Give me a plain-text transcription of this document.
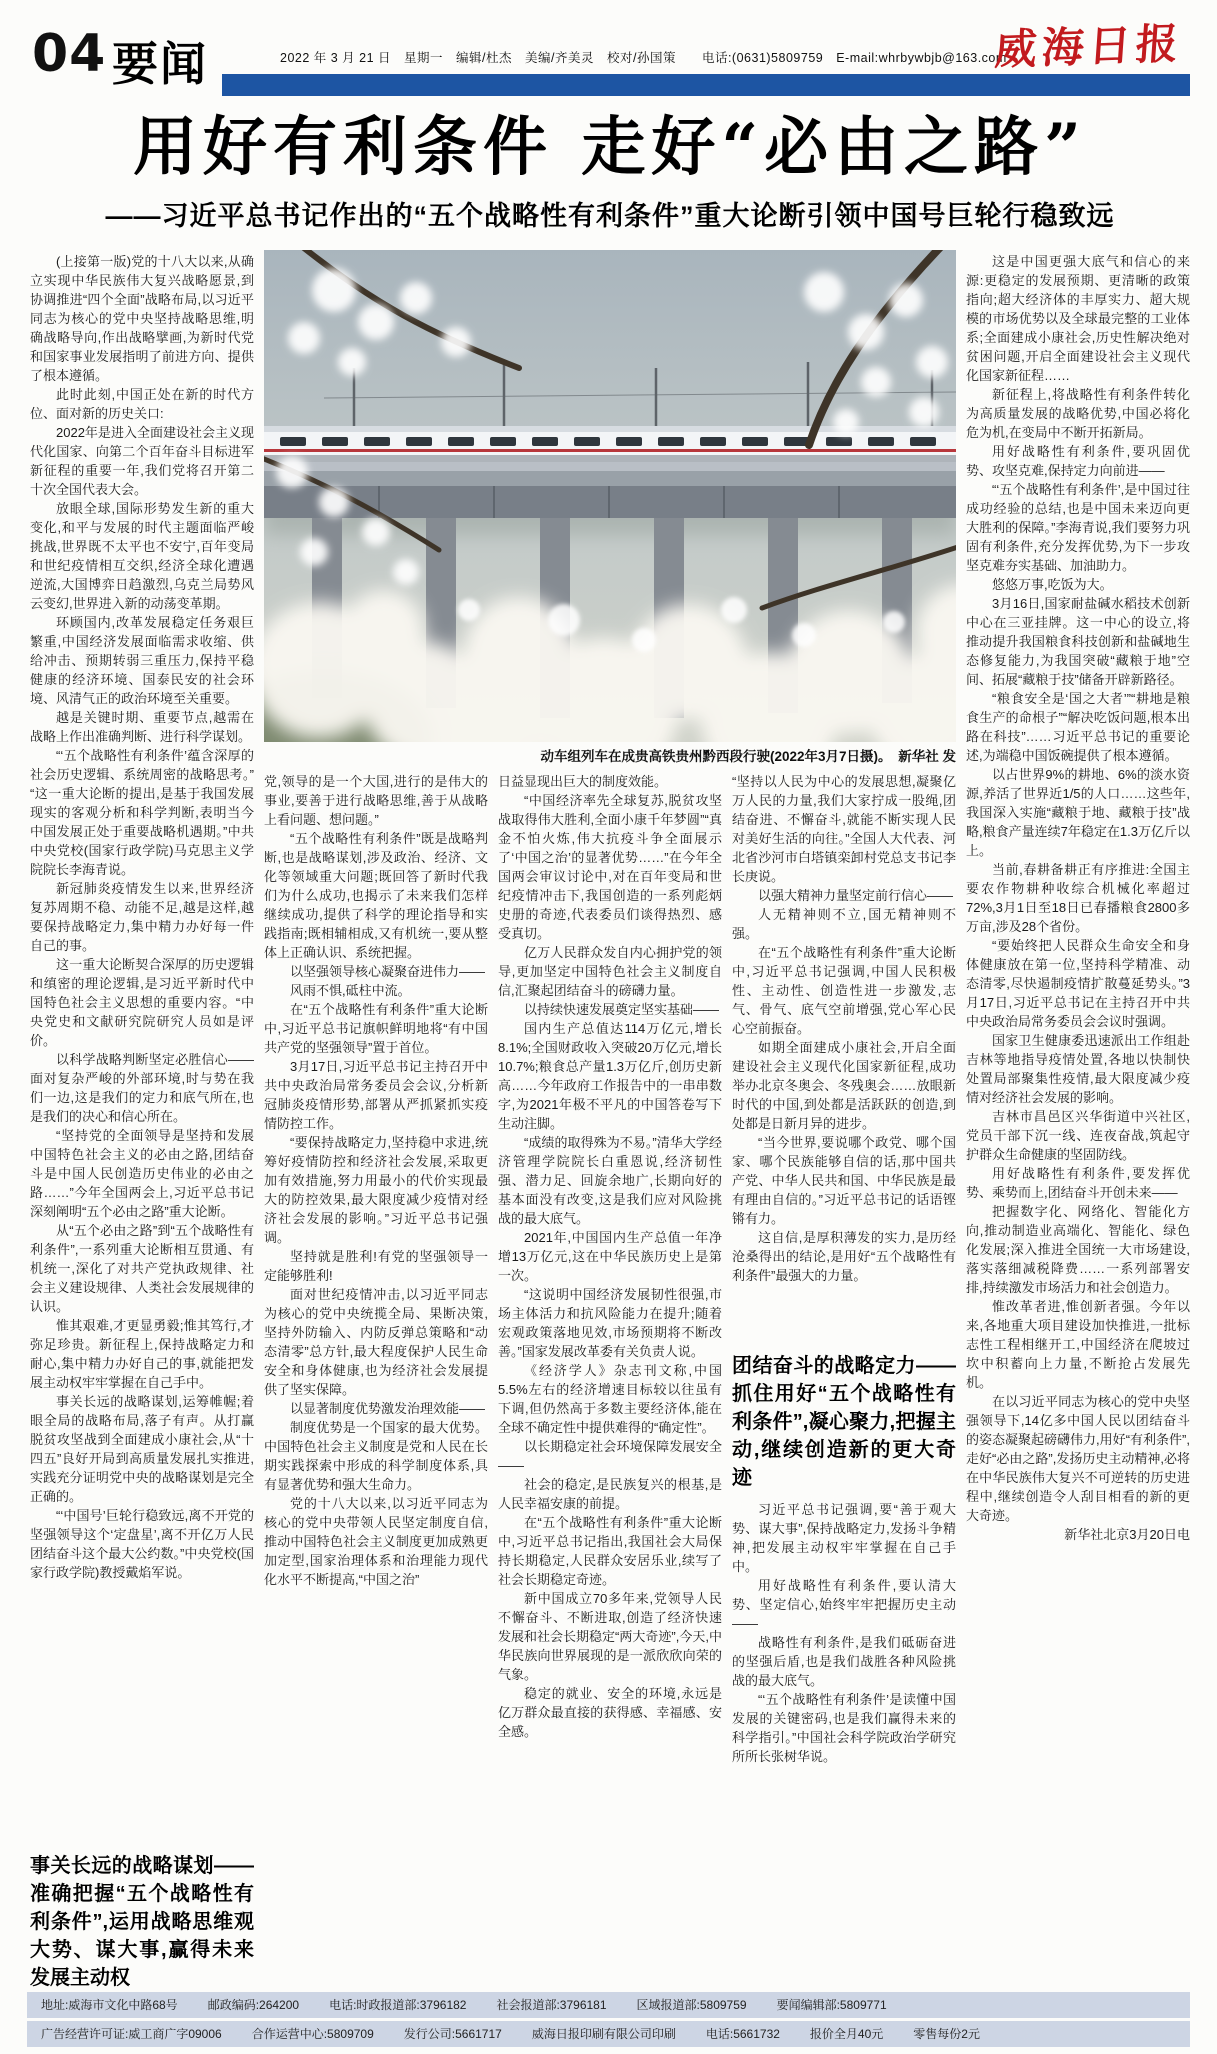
04 要闻	2022 年 3 月 21 日　星期一　编辑/杜杰　美编/齐美灵　校对/孙国策　　电话:(0631)5809759　E-mail:whrbywbjb@163.com
威海日报
用好有利条件 走好“必由之路”
——习近平总书记作出的“五个战略性有利条件”重大论断引领中国号巨轮行稳致远
动车组列车在成贵高铁贵州黔西段行驶(2022年3月7日摄)。　新华社 发

(上接第一版)党的十八大以来,从确立实现中华民族伟大复兴战略愿景,到协调推进“四个全面”战略布局,以习近平同志为核心的党中央坚持战略思维,明确战略导向,作出战略擘画,为新时代党和国家事业发展指明了前进方向、提供了根本遵循。

此时此刻,中国正处在新的时代方位、面对新的历史关口:

2022年是进入全面建设社会主义现代化国家、向第二个百年奋斗目标进军新征程的重要一年,我们党将召开第二十次全国代表大会。

放眼全球,国际形势发生新的重大变化,和平与发展的时代主题面临严峻挑战,世界既不太平也不安宁,百年变局和世纪疫情相互交织,经济全球化遭遇逆流,大国博弈日趋激烈,乌克兰局势风云变幻,世界进入新的动荡变革期。

环顾国内,改革发展稳定任务艰巨繁重,中国经济发展面临需求收缩、供给冲击、预期转弱三重压力,保持平稳健康的经济环境、国泰民安的社会环境、风清气正的政治环境至关重要。

越是关键时期、重要节点,越需在战略上作出准确判断、进行科学谋划。

“‘五个战略性有利条件’蕴含深厚的社会历史逻辑、系统周密的战略思考。”“这一重大论断的提出,是基于我国发展现实的客观分析和科学判断,表明当今中国发展正处于重要战略机遇期。”中共中央党校(国家行政学院)马克思主义学院院长李海青说。

新冠肺炎疫情发生以来,世界经济复苏周期不稳、动能不足,越是这样,越要保持战略定力,集中精力办好每一件自己的事。

这一重大论断契合深厚的历史逻辑和缜密的理论逻辑,是习近平新时代中国特色社会主义思想的重要内容。“中央党史和文献研究院研究人员如是评价。

以科学战略判断坚定必胜信心——面对复杂严峻的外部环境,时与势在我们一边,这是我们的定力和底气所在,也是我们的决心和信心所在。

“坚持党的全面领导是坚持和发展中国特色社会主义的必由之路,团结奋斗是中国人民创造历史伟业的必由之路……”今年全国两会上,习近平总书记深刻阐明“五个必由之路”重大论断。

从“五个必由之路”到“五个战略性有利条件”,一系列重大论断相互贯通、有机统一,深化了对共产党执政规律、社会主义建设规律、人类社会发展规律的认识。

惟其艰难,才更显勇毅;惟其笃行,才弥足珍贵。新征程上,保持战略定力和耐心,集中精力办好自己的事,就能把发展主动权牢牢掌握在自己手中。

事关长远的战略谋划,运筹帷幄;着眼全局的战略布局,落子有声。从打赢脱贫攻坚战到全面建成小康社会,从“十四五”良好开局到高质量发展扎实推进,实践充分证明党中央的战略谋划是完全正确的。

“‘中国号’巨轮行稳致远,离不开党的坚强领导这个‘定盘星’,离不开亿万人民团结奋斗这个最大公约数。”中央党校(国家行政学院)教授戴焰军说。

事关长远的战略谋划——准确把握“五个战略性有利条件”,运用战略思维观大势、谋大事,赢得未来发展主动权

党,领导的是一个大国,进行的是伟大的事业,要善于进行战略思维,善于从战略上看问题、想问题。”

“五个战略性有利条件”既是战略判断,也是战略谋划,涉及政治、经济、文化等领域重大问题;既回答了新时代我们为什么成功,也揭示了未来我们怎样继续成功,提供了科学的理论指导和实践指南;既相辅相成,又有机统一,要从整体上正确认识、系统把握。

以坚强领导核心凝聚奋进伟力——

风雨不惧,砥柱中流。

在“五个战略性有利条件”重大论断中,习近平总书记旗帜鲜明地将“有中国共产党的坚强领导”置于首位。

3月17日,习近平总书记主持召开中共中央政治局常务委员会会议,分析新冠肺炎疫情形势,部署从严抓紧抓实疫情防控工作。

“要保持战略定力,坚持稳中求进,统筹好疫情防控和经济社会发展,采取更加有效措施,努力用最小的代价实现最大的防控效果,最大限度减少疫情对经济社会发展的影响。”习近平总书记强调。

坚持就是胜利!有党的坚强领导一定能够胜利!

面对世纪疫情冲击,以习近平同志为核心的党中央统揽全局、果断决策,坚持外防输入、内防反弹总策略和“动态清零”总方针,最大程度保护人民生命安全和身体健康,也为经济社会发展提供了坚实保障。

以显著制度优势激发治理效能——

制度优势是一个国家的最大优势。中国特色社会主义制度是党和人民在长期实践探索中形成的科学制度体系,具有显著优势和强大生命力。

党的十八大以来,以习近平同志为核心的党中央带领人民坚定制度自信,推动中国特色社会主义制度更加成熟更加定型,国家治理体系和治理能力现代化水平不断提高,“中国之治”

日益显现出巨大的制度效能。

“中国经济率先全球复苏,脱贫攻坚战取得伟大胜利,全面小康千年梦圆”“真金不怕火炼,伟大抗疫斗争全面展示了‘中国之治’的显著优势……”在今年全国两会审议讨论中,对在百年变局和世纪疫情冲击下,我国创造的一系列彪炳史册的奇迹,代表委员们谈得热烈、感受真切。

亿万人民群众发自内心拥护党的领导,更加坚定中国特色社会主义制度自信,汇聚起团结奋斗的磅礴力量。

以持续快速发展奠定坚实基础——

国内生产总值达114万亿元,增长8.1%;全国财政收入突破20万亿元,增长10.7%;粮食总产量1.3万亿斤,创历史新高……今年政府工作报告中的一串串数字,为2021年极不平凡的中国答卷写下生动注脚。

“成绩的取得殊为不易。”清华大学经济管理学院院长白重恩说,经济韧性强、潜力足、回旋余地广,长期向好的基本面没有改变,这是我们应对风险挑战的最大底气。

2021年,中国国内生产总值一年净增13万亿元,这在中华民族历史上是第一次。

“这说明中国经济发展韧性很强,市场主体活力和抗风险能力在提升;随着宏观政策落地见效,市场预期将不断改善。”国家发展改革委有关负责人说。

《经济学人》杂志刊文称,中国5.5%左右的经济增速目标较以往虽有下调,但仍然高于多数主要经济体,能在全球不确定性中提供难得的“确定性”。

以长期稳定社会环境保障发展安全——

社会的稳定,是民族复兴的根基,是人民幸福安康的前提。

在“五个战略性有利条件”重大论断中,习近平总书记指出,我国社会大局保持长期稳定,人民群众安居乐业,续写了社会长期稳定奇迹。

新中国成立70多年来,党领导人民不懈奋斗、不断进取,创造了经济快速发展和社会长期稳定“两大奇迹”,今天,中华民族向世界展现的是一派欣欣向荣的气象。

稳定的就业、安全的环境,永远是亿万群众最直接的获得感、幸福感、安全感。

“坚持以人民为中心的发展思想,凝聚亿万人民的力量,我们大家拧成一股绳,团结奋进、不懈奋斗,就能不断实现人民对美好生活的向往。”全国人大代表、河北省沙河市白塔镇栾卸村党总支书记李长庚说。

以强大精神力量坚定前行信心——

人无精神则不立,国无精神则不强。

在“五个战略性有利条件”重大论断中,习近平总书记强调,中国人民积极性、主动性、创造性进一步激发,志气、骨气、底气空前增强,党心军心民心空前振奋。

如期全面建成小康社会,开启全面建设社会主义现代化国家新征程,成功举办北京冬奥会、冬残奥会……放眼新时代的中国,到处都是活跃跃的创造,到处都是日新月异的进步。

“当今世界,要说哪个政党、哪个国家、哪个民族能够自信的话,那中国共产党、中华人民共和国、中华民族是最有理由自信的。”习近平总书记的话语铿锵有力。

这自信,是厚积薄发的实力,是历经沧桑得出的结论,是用好“五个战略性有利条件”最强大的力量。

团结奋斗的战略定力——抓住用好“五个战略性有利条件”,凝心聚力,把握主动,继续创造新的更大奇迹

习近平总书记强调,要“善于观大势、谋大事”,保持战略定力,发扬斗争精神,把发展主动权牢牢掌握在自己手中。

用好战略性有利条件,要认清大势、坚定信心,始终牢牢把握历史主动——

战略性有利条件,是我们砥砺奋进的坚强后盾,也是我们战胜各种风险挑战的最大底气。

“‘五个战略性有利条件’是读懂中国发展的关键密码,也是我们赢得未来的科学指引。”中国社会科学院政治学研究所所长张树华说。

这是中国更强大底气和信心的来源:更稳定的发展预期、更清晰的政策指向;超大经济体的丰厚实力、超大规模的市场优势以及全球最完整的工业体系;全面建成小康社会,历史性解决绝对贫困问题,开启全面建设社会主义现代化国家新征程……

新征程上,将战略性有利条件转化为高质量发展的战略优势,中国必将化危为机,在变局中不断开拓新局。

用好战略性有利条件,要巩固优势、攻坚克难,保持定力向前进——

“‘五个战略性有利条件’,是中国过往成功经验的总结,也是中国未来迈向更大胜利的保障。”李海青说,我们要努力巩固有利条件,充分发挥优势,为下一步攻坚克难夯实基础、加油助力。

悠悠万事,吃饭为大。

3月16日,国家耐盐碱水稻技术创新中心在三亚挂牌。这一中心的设立,将推动提升我国粮食科技创新和盐碱地生态修复能力,为我国突破“藏粮于地”空间、拓展“藏粮于技”储备开辟新路径。

“粮食安全是‘国之大者’”“耕地是粮食生产的命根子”“解决吃饭问题,根本出路在科技”……习近平总书记的重要论述,为端稳中国饭碗提供了根本遵循。

以占世界9%的耕地、6%的淡水资源,养活了世界近1/5的人口……这些年,我国深入实施“藏粮于地、藏粮于技”战略,粮食产量连续7年稳定在1.3万亿斤以上。

当前,春耕备耕正有序推进:全国主要农作物耕种收综合机械化率超过72%,3月1日至18日已春播粮食2800多万亩,涉及28个省份。

“要始终把人民群众生命安全和身体健康放在第一位,坚持科学精准、动态清零,尽快遏制疫情扩散蔓延势头。”3月17日,习近平总书记在主持召开中共中央政治局常务委员会会议时强调。

国家卫生健康委迅速派出工作组赴吉林等地指导疫情处置,各地以快制快处置局部聚集性疫情,最大限度减少疫情对经济社会发展的影响。

吉林市昌邑区兴华街道中兴社区,党员干部下沉一线、连夜奋战,筑起守护群众生命健康的坚固防线。

用好战略性有利条件,要发挥优势、乘势而上,团结奋斗开创未来——

把握数字化、网络化、智能化方向,推动制造业高端化、智能化、绿色化发展;深入推进全国统一大市场建设,落实落细减税降费……一系列部署安排,持续激发市场活力和社会创造力。

惟改革者进,惟创新者强。今年以来,各地重大项目建设加快推进,一批标志性工程相继开工,中国经济在爬坡过坎中积蓄向上力量,不断抢占发展先机。

在以习近平同志为核心的党中央坚强领导下,14亿多中国人民以团结奋斗的姿态凝聚起磅礴伟力,用好“有利条件”,走好“必由之路”,发扬历史主动精神,必将在中华民族伟大复兴不可逆转的历史进程中,继续创造令人刮目相看的新的更大奇迹。

新华社北京3月20日电

地址:威海市文化中路68号	邮政编码:264200	电话:时政报道部:3796182	社会报道部:3796181	区域报道部:5809759	要闻编辑部:5809771
广告经营许可证:威工商广字09006	合作运营中心:5809709	发行公司:5661717	威海日报印刷有限公司印刷	电话:5661732	报价全月40元	零售每份2元
